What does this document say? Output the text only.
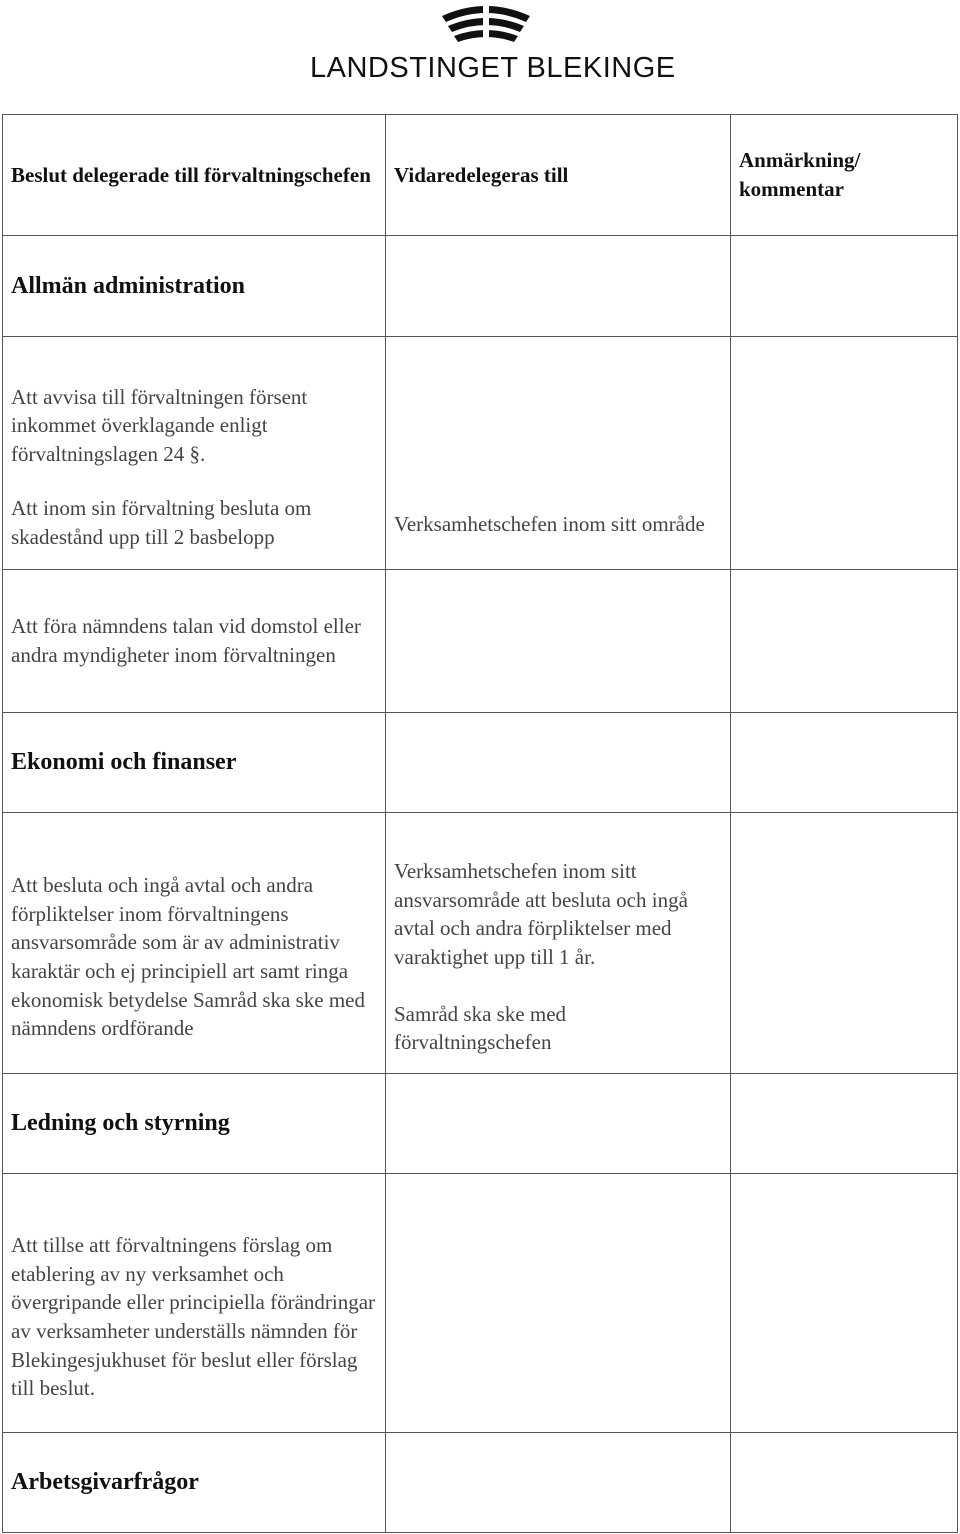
LANDSTINGET BLEKINGE
Beslut delegerade till förvaltningschefen	Vidaredelegeras till	Anmärkning/ kommentar
Allmän administration		

Att avvisa till förvaltningen försent inkommet överklagande enligt förvaltningslagen 24 §.
Att inom sin förvaltning besluta om skadestånd upp till 2 basbelopp	Verksamhetschefen inom sitt område	
Att föra nämndens talan vid domstol eller andra myndigheter inom förvaltningen		
Ekonomi och finanser		
Att besluta och ingå avtal och andra förpliktelser inom förvaltningens ansvarsområde som är av administrativ karaktär och ej principiell art samt ringa ekonomisk betydelse Samråd ska ske med nämndens ordförande	Verksamhetschefen inom sitt ansvarsområde att besluta och ingå avtal och andra förpliktelser med varaktighet upp till 1 år.
Samråd ska ske med förvaltningschefen	

Ledning och styrning		
Att tillse att förvaltningens förslag om etablering av ny verksamhet och övergripande eller principiella förändringar av verksamheter underställs nämnden för Blekingesjukhuset för beslut eller förslag till beslut.		
Arbetsgivarfrågor		
